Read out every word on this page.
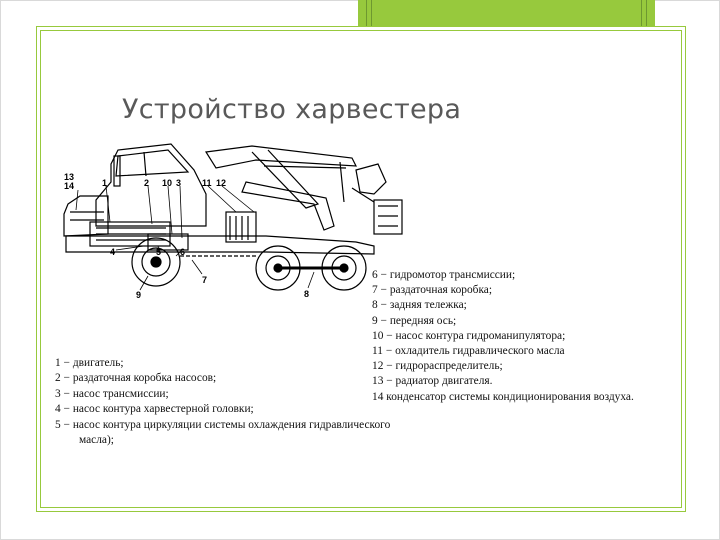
Устройство харвестера
13
14	1	2 10 3 11 12
4	5 6
7
9	8
6 − гидромотор трансмиссии;
7 − раздаточная коробка;
8 − задняя тележка;
9 − передняя ось;
10 − насос контура гидроманипулятора;
11 − охладитель гидравлического масла
12 − гидрораспределитель;
13 − радиатор двигателя.
14 конденсатор системы кондиционирования воздуха.
1 − двигатель;
2 − раздаточная коробка насосов;
3 − насос трансмиссии;
4 − насос контура харвестерной головки;
5 − насос контура циркуляции системы охлаждения гидравлического
масла);
